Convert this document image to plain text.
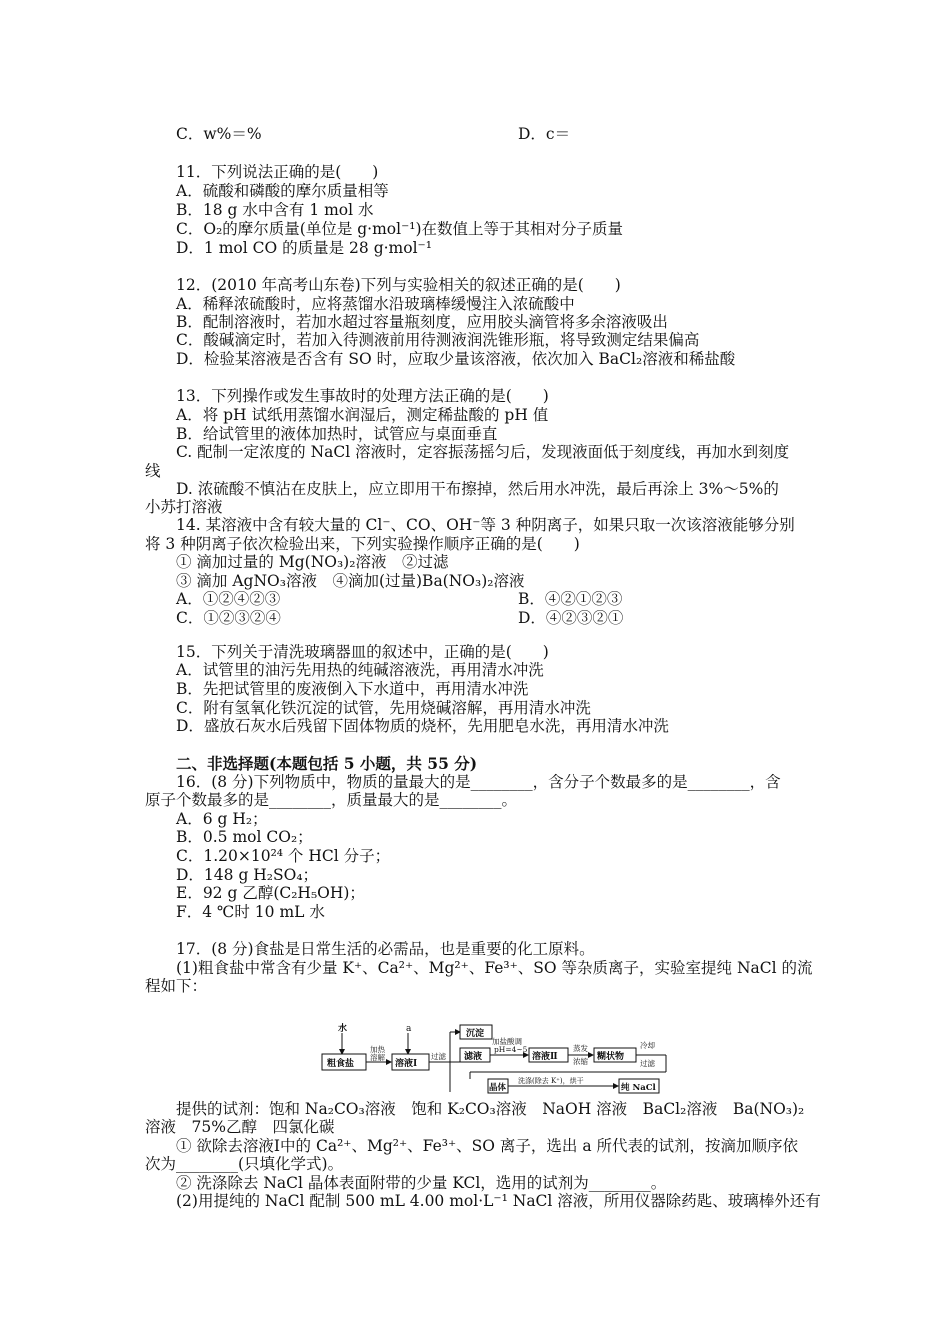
C．w%＝%	D．c＝
11．下列说法正确的是(　　)
A．硫酸和磷酸的摩尔质量相等
B．18 g 水中含有 1 mol 水
C．O₂的摩尔质量(单位是 g·mol⁻¹)在数值上等于其相对分子质量
D．1 mol CO 的质量是 28 g·mol⁻¹
12．(2010 年高考山东卷)下列与实验相关的叙述正确的是(　　)
A．稀释浓硫酸时，应将蒸馏水沿玻璃棒缓慢注入浓硫酸中
B．配制溶液时，若加水超过容量瓶刻度，应用胶头滴管将多余溶液吸出
C．酸碱滴定时，若加入待测液前用待测液润洗锥形瓶，将导致测定结果偏高
D．检验某溶液是否含有 SO 时，应取少量该溶液，依次加入 BaCl₂溶液和稀盐酸
13．下列操作或发生事故时的处理方法正确的是(　　)
A．将 pH 试纸用蒸馏水润湿后，测定稀盐酸的 pH 值
B．给试管里的液体加热时，试管应与桌面垂直
C. 配制一定浓度的 NaCl 溶液时，定容振荡摇匀后，发现液面低于刻度线，再加水到刻度
线
D. 浓硫酸不慎沾在皮肤上，应立即用干布擦掉，然后用水冲洗，最后再涂上 3%～5%的
小苏打溶液
14. 某溶液中含有较大量的 Cl⁻、CO、OH⁻等 3 种阴离子，如果只取一次该溶液能够分别
将 3 种阴离子依次检验出来，下列实验操作顺序正确的是(　　)
① 滴加过量的 Mg(NO₃)₂溶液　②过滤
③ 滴加 AgNO₃溶液　④滴加(过量)Ba(NO₃)₂溶液
A．①②④②③	B．④②①②③
C．①②③②④	D．④②③②①
15．下列关于清洗玻璃器皿的叙述中，正确的是(　　)
A．试管里的油污先用热的纯碱溶液洗，再用清水冲洗
B．先把试管里的废液倒入下水道中，再用清水冲洗
C．附有氢氧化铁沉淀的试管，先用烧碱溶解，再用清水冲洗
D．盛放石灰水后残留下固体物质的烧杯，先用肥皂水洗，再用清水冲洗
二、非选择题(本题包括 5 小题，共 55 分)
16．(8 分)下列物质中，物质的量最大的是________，含分子个数最多的是________，含
原子个数最多的是________，质量最大的是________。
A．6 g H₂；
B．0.5 mol CO₂；
C．1.20×10²⁴ 个 HCl 分子；
D．148 g H₂SO₄；
E．92 g 乙醇(C₂H₅OH)；
F．4 ℃时 10 mL 水
17．(8 分)食盐是日常生活的必需品，也是重要的化工原料。
(1)粗食盐中常含有少量 K⁺、Ca²⁺、Mg²⁺、Fe³⁺、SO 等杂质离子，实验室提纯 NaCl 的流
程如下：
水
粗食盐
加热
溶解
a
溶液Ⅰ
过滤
沉淀
滤液
加盐酸调
pH=4~5
溶液Ⅱ
蒸发
浓缩 糊状物
冷却
过滤
晶体
洗涤(除去 K⁺)，烘干
纯 NaCl
提供的试剂：饱和 Na₂CO₃溶液　饱和 K₂CO₃溶液　NaOH 溶液　BaCl₂溶液　Ba(NO₃)₂
溶液　75%乙醇　四氯化碳
① 欲除去溶液Ⅰ中的 Ca²⁺、Mg²⁺、Fe³⁺、SO 离子，选出 a 所代表的试剂，按滴加顺序依
次为________(只填化学式)。
② 洗涤除去 NaCl 晶体表面附带的少量 KCl，选用的试剂为________。
(2)用提纯的 NaCl 配制 500 mL 4.00 mol·L⁻¹ NaCl 溶液，所用仪器除药匙、玻璃棒外还有
